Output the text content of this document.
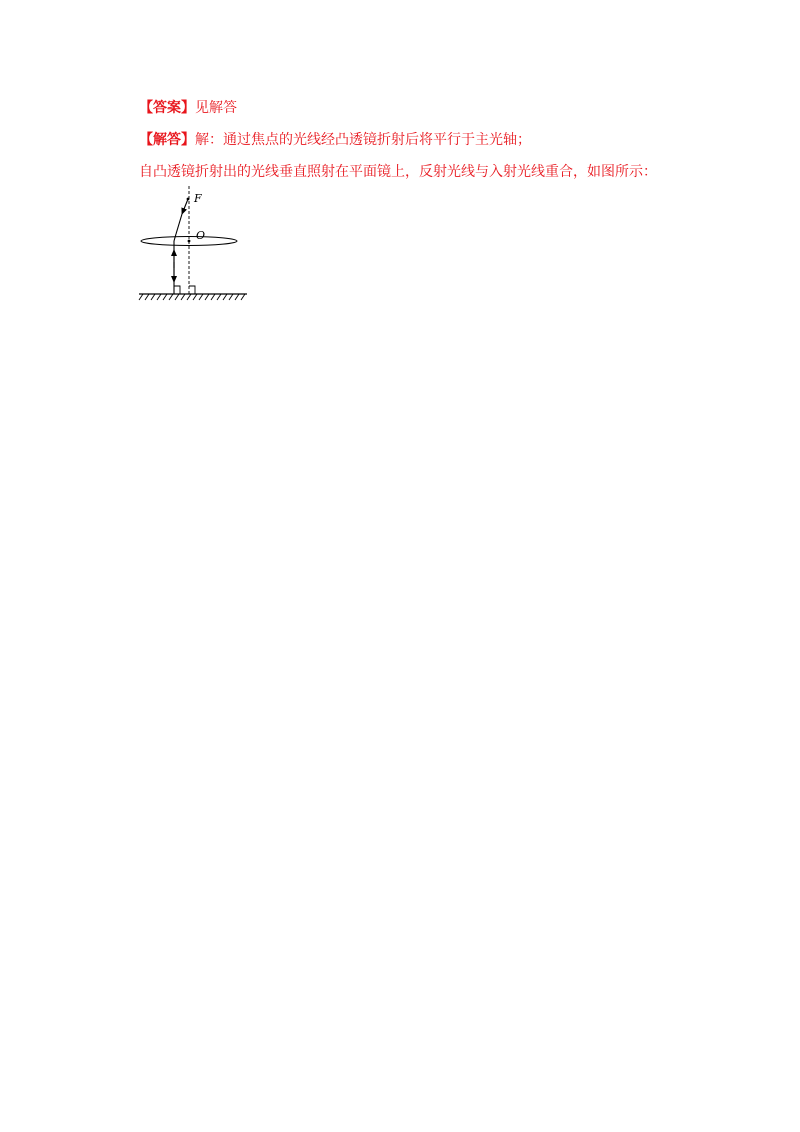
【答案】见解答
【解答】解：通过焦点的光线经凸透镜折射后将平行于主光轴；
自凸透镜折射出的光线垂直照射在平面镜上，反射光线与入射光线重合，如图所示：
F
O
